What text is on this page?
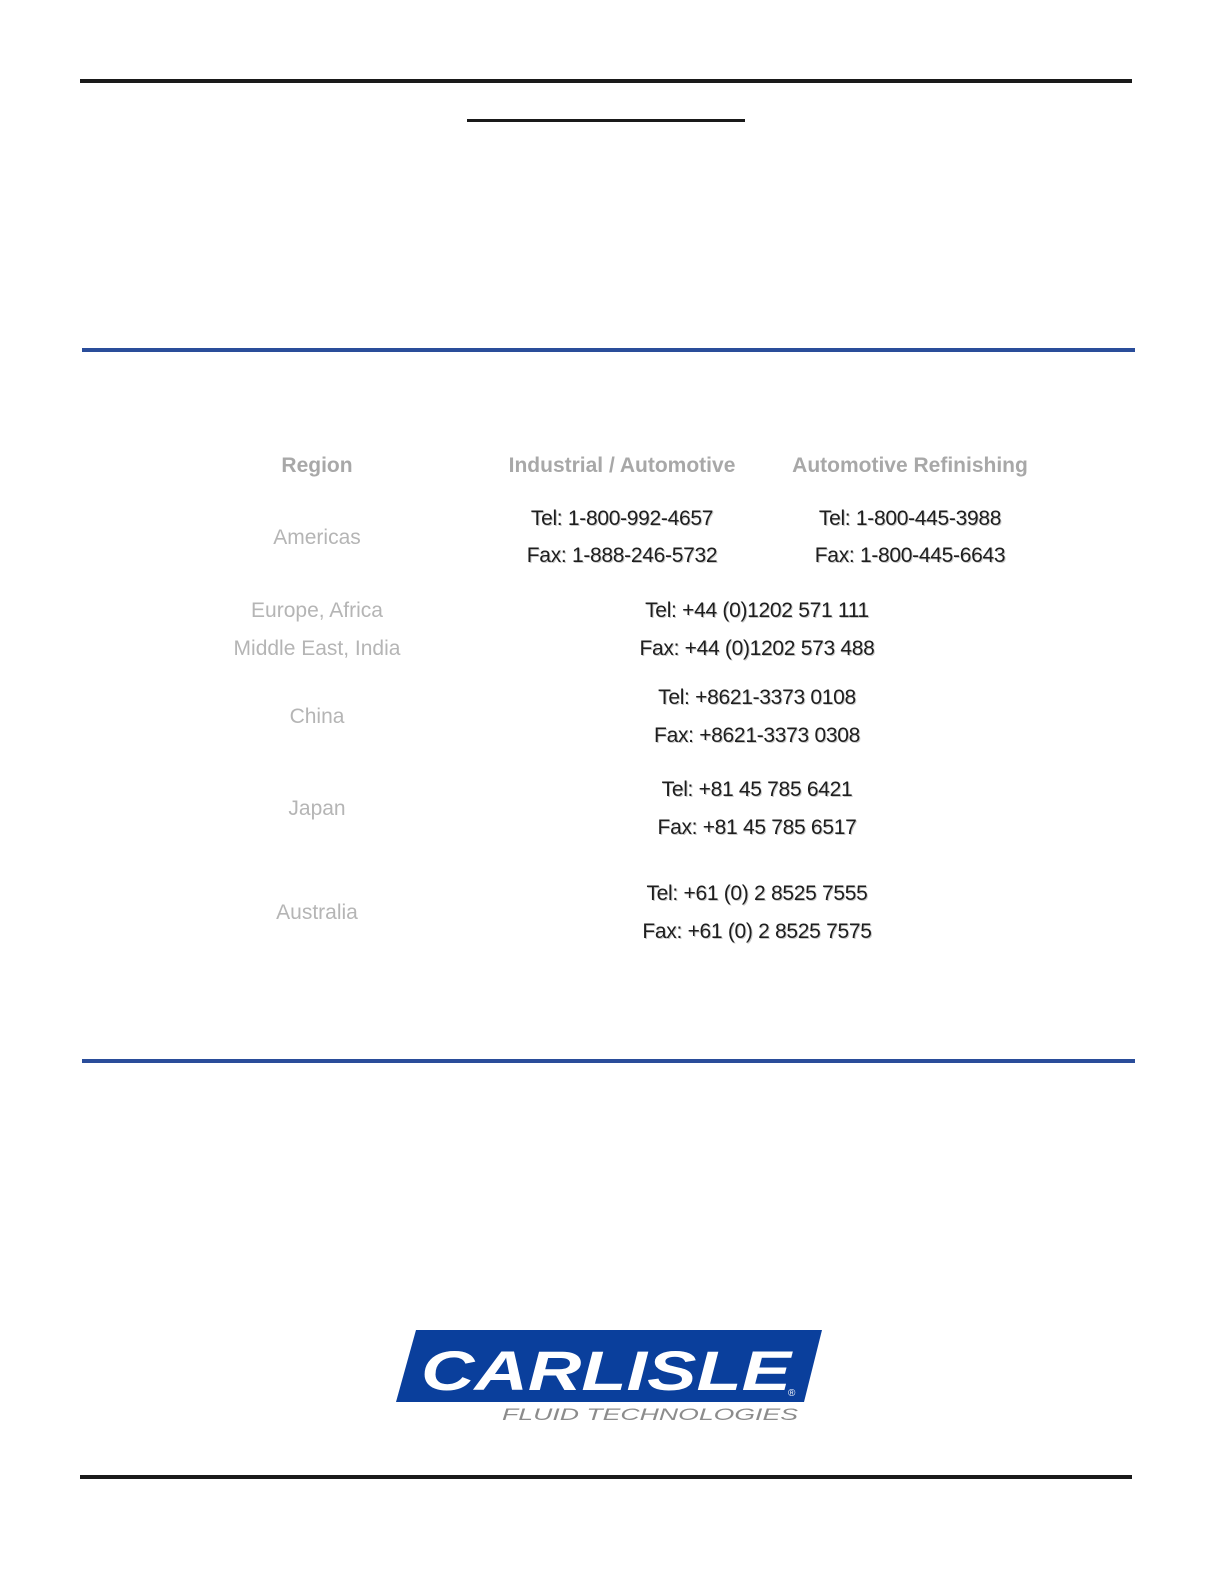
Region	Industrial / Automotive	Automotive Refinishing
Americas
Tel: 1-800-992-4657
Fax: 1-888-246-5732
Tel: 1-800-445-3988
Fax: 1-800-445-6643
Europe, Africa
Middle East, India
Tel: +44 (0)1202 571 111
Fax: +44 (0)1202 573 488
China
Tel: +8621-3373 0108
Fax: +8621-3373 0308
Japan
Tel: +81 45 785 6421
Fax: +81 45 785 6517
Australia
Tel: +61 (0) 2 8525 7555
Fax: +61 (0) 2 8525 7575
CARLISLE
®
FLUID TECHNOLOGIES
